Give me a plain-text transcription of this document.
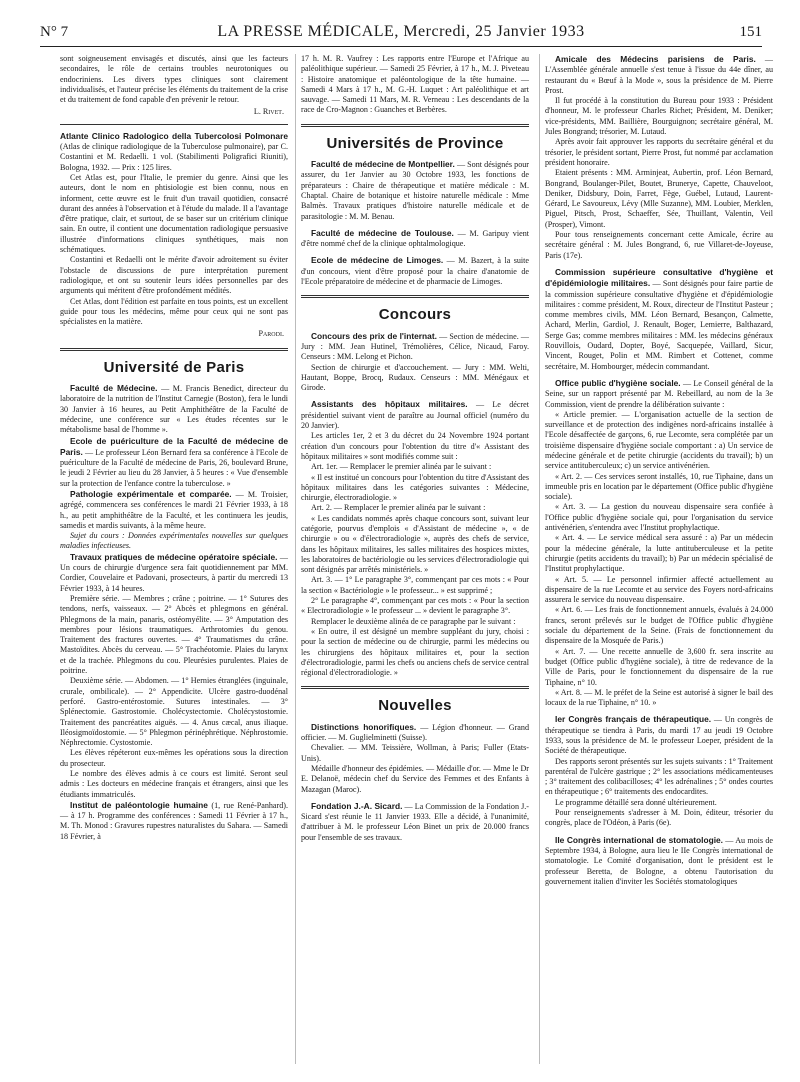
N° 7	LA PRESSE MÉDICALE, Mercredi, 25 Janvier 1933	151

sont soigneusement envisagés et discutés, ainsi que les facteurs secondaires, le rôle de certains troubles neurotoniques ou endocriniens. Les divers types cliniques sont clairement individualisés, et l'auteur précise les éléments du traitement de la crise et du traitement de fond capable d'en prévenir le retour.

L. Rivet.

Atlante Clinico Radologico della Tubercolosi Polmonare (Atlas de clinique radiologique de la Tuberculose pulmonaire), par C. Costantini et M. Redaelli. 1 vol. (Stabilimenti Poligrafici Riuniti), Bologna, 1932. — Prix : 125 lires.

Cet Atlas est, pour l'Italie, le premier du genre. Ainsi que les auteurs, dont le nom en phtisiologie est bien connu, nous en informent, cette œuvre est le fruit d'un travail quotidien, consacré durant des années à l'observation et à l'étude du malade. Il a l'avantage d'être pratique, clair, et surtout, de se baser sur un critérium clinique sain. En outre, il contient une documentation radiologique persuasive illustrée d'informations cliniques synthétiques, mais non schématiques.

Costantini et Redaelli ont le mérite d'avoir adroitement su éviter l'obstacle de discussions de pure interprétation purement radiologique, et ont su soutenir leurs idées personnelles par des arguments qui méritent d'être profondément médités.

Cet Atlas, dont l'édition est parfaite en tous points, est un excellent guide pour tous les médecins, même pour ceux qui ne sont pas spécialistes en la matière.

Parodi.

Université de Paris

Faculté de Médecine. — M. Francis Benedict, directeur du laboratoire de la nutrition de l'Institut Carnegie (Boston), fera le lundi 30 Janvier à 16 heures, au Petit Amphithéâtre de la Faculté de médecine, une conférence sur « Les études récentes sur le métabolisme basal de l'homme ».

Ecole de puériculture de la Faculté de médecine de Paris. — Le professeur Léon Bernard fera sa conférence à l'Ecole de puériculture de la Faculté de médecine de Paris, 26, boulevard Brune, le jeudi 2 Février au lieu du 28 Janvier, à 5 heures : « Vue d'ensemble sur la protection de l'enfance contre la tuberculose. »

Pathologie expérimentale et comparée. — M. Troisier, agrégé, commencera ses conférences le mardi 21 Février 1933, à 18 h., au petit amphithéâtre de la Faculté, et les continuera les jeudis, samedis et mardis suivants, à la même heure.

Sujet du cours : Données expérimentales nouvelles sur quelques maladies infectieuses.

Travaux pratiques de médecine opératoire spéciale. — Un cours de chirurgie d'urgence sera fait quotidiennement par MM. Cordier, Couvelaire et Padovani, prosecteurs, à partir du mercredi 13 Février 1933, à 14 heures.

Première série. — Membres ; crâne ; poitrine. — 1° Sutures des tendons, nerfs, vaisseaux. — 2° Abcès et phlegmons en général. Phlegmons de la main, panaris, ostéomyélite. — 3° Amputation des membres pour lésions traumatiques. Arthrotomies du genou. Traitement des fractures ouvertes. — 4° Traumatismes du crâne. Mastoïdites. Abcès du cerveau. — 5° Trachéotomie. Plaies du larynx et de la trachée. Phlegmons du cou. Pleurésies purulentes. Plaies de poitrine.

Deuxième série. — Abdomen. — 1° Hernies étranglées (inguinale, crurale, ombilicale). — 2° Appendicite. Ulcère gastro-duodénal perforé. Gastro-entérostomie. Sutures intestinales. — 3° Splénectomie. Gastrostomie. Cholécystectomie. Cholécystostomie. Traitement des pancréatites aiguës. — 4. Anus cæcal, anus iliaque. Iléosigmoïdostomie. — 5° Phlegmon périnéphrétique. Néphrostomie. Néphrectomie. Cystostomie.

Les élèves répéteront eux-mêmes les opérations sous la direction du prosecteur.

Le nombre des élèves admis à ce cours est limité. Seront seul admis : Les docteurs en médecine français et étrangers, ainsi que les étudiants immatriculés.

Institut de paléontologie humaine (1, rue René-Panhard). — à 17 h. Programme des conférences : Samedi 11 Février à 17 h., M. Th. Monod : Gravures rupestres naturalistes du Sahara. — Samedi 18 Février, à

17 h. M. R. Vaufrey : Les rapports entre l'Europe et l'Afrique au paléolithique supérieur. — Samedi 25 Février, à 17 h., M. J. Piveteau : Histoire anatomique et paléontologique de la tête humaine. — Samedi 4 Mars à 17 h., M. G.-H. Luquet : Art paléolithique et art sauvage. — Samedi 11 Mars, M. R. Verneau : Les descendants de la race de Cro-Magnon : Guanches et Berbères.

Universités de Province

Faculté de médecine de Montpellier. — Sont désignés pour assurer, du 1er Janvier au 30 Octobre 1933, les fonctions de préparateurs : Chaire de thérapeutique et matière médicale : M. Chaptal. Chaire de botanique et histoire naturelle médicale : Mme Balmès. Travaux pratiques d'histoire naturelle médicale et de parasitologie : M. M. Benau.

Faculté de médecine de Toulouse. — M. Garipuy vient d'être nommé chef de la clinique ophtalmologique.

Ecole de médecine de Limoges. — M. Bazert, à la suite d'un concours, vient d'être proposé pour la chaire d'anatomie de l'Ecole préparatoire de médecine et de pharmacie de Limoges.

Concours

Concours des prix de l'internat. — Section de médecine. — Jury : MM. Jean Hutinel, Trémolières, Célice, Nicaud, Faroy. Censeurs : MM. Lelong et Pichon.

Section de chirurgie et d'accouchement. — Jury : MM. Welti, Hautant, Boppe, Brocq, Rudaux. Censeurs : MM. Ménégaux et Girode.

Assistants des hôpitaux militaires. — Le décret présidentiel suivant vient de paraître au Journal officiel (numéro du 20 Janvier).

Les articles 1er, 2 et 3 du décret du 24 Novembre 1924 portant création d'un concours pour l'obtention du titre d'« Assistant des hôpitaux militaires » sont modifiés comme suit :

Art. 1er. — Remplacer le premier alinéa par le suivant :

« Il est institué un concours pour l'obtention du titre d'Assistant des hôpitaux militaires dans les catégories suivantes : Médecine, chirurgie, électroradiologie. »

Art. 2. — Remplacer le premier alinéa par le suivant :

« Les candidats nommés après chaque concours sont, suivant leur catégorie, pourvus d'emplois « d'Assistant de médecine », « de chirurgie » ou « d'électroradiologie », auprès des chefs de service, dans les hôpitaux militaires, les salles militaires des hospices mixtes, les laboratoires de bactériologie ou les services d'électroradiologie qui sont désignés par arrêtés ministériels. »

Art. 3. — 1° Le paragraphe 3°, commençant par ces mots : « Pour la section « Bactériologie » le professeur... » est supprimé ;

2° Le paragraphe 4°, commençant par ces mots : « Pour la section « Electroradiologie » le professeur ... » devient le paragraphe 3°.

Remplacer le deuxième alinéa de ce paragraphe par le suivant :

« En outre, il est désigné un membre suppléant du jury, choisi : pour la section de médecine ou de chirurgie, parmi les médecins ou les chirurgiens des hôpitaux militaires et, pour la section d'électroradiologie, parmi les chefs ou anciens chefs de service central régional d'électroradiologie. »

Nouvelles

Distinctions honorifiques. — Légion d'honneur. — Grand officier. — M. Guglielminetti (Suisse).

Chevalier. — MM. Teissière, Wollman, à Paris; Fuller (Etats-Unis).

Médaille d'honneur des épidémies. — Médaille d'or. — Mme le Dr E. Delanoë, médecin chef du Service des Femmes et des Enfants à Mazagan (Maroc).

Fondation J.-A. Sicard. — La Commission de la Fondation J.-Sicard s'est réunie le 11 Janvier 1933. Elle a décidé, à l'unanimité, d'attribuer à M. le professeur Léon Binet un prix de 20.000 francs pour l'ensemble de ses travaux.

Amicale des Médecins parisiens de Paris. — L'Assemblée générale annuelle s'est tenue à l'issue du 44e dîner, au restaurant du « Bœuf à la Mode », sous la présidence de M. Pierre Prost.

Il fut procédé à la constitution du Bureau pour 1933 : Président d'honneur, M. le professeur Charles Richet; Président, M. Deniker; vice-présidents, MM. Baillière, Bourguignon; secrétaire général, M. Jules Bongrand; trésorier, M. Lutaud.

Après avoir fait approuver les rapports du secrétaire général et du trésorier, le président sortant, Pierre Prost, fut nommé par acclamation président honoraire.

Etaient présents : MM. Arminjeat, Aubertin, prof. Léon Bernard, Bongrand, Boulanger-Pilet, Boutet, Brunerye, Capette, Chauveloot, Deniker, Didsbury, Doin, Farret, Fège, Guébel, Lutaud, Laurent-Gérard, Le Savoureux, Lévy (Mlle Suzanne), MM. Loubier, Merklen, Piguel, Pitsch, Prost, Schaeffer, Sée, Thuillant, Valentin, Veil (Prosper), Vimont.

Pour tous renseignements concernant cette Amicale, écrire au secrétaire général : M. Jules Bongrand, 6, rue Villaret-de-Joyeuse, Paris (17e).

Commission supérieure consultative d'hygiène et d'épidémiologie militaires. — Sont désignés pour faire partie de la commission supérieure consultative d'hygiène et d'épidémiologie militaires : comme président, M. Roux, directeur de l'Institut Pasteur ; comme membres civils, MM. Léon Bernard, Besançon, Calmette, Achard, Merlin, Gardiol, J. Renault, Boger, Lemierre, Balthazard, Serge Gas; comme membres militaires : MM. les médecins généraux Rouvillois, Oudard, Dopter, Boyé, Sacquepée, Vaillard, Sicur, Vincent, Rouget, Polin et MM. Rimbert et Cottenet, comme secrétaire, M. Hombourger, médecin commandant.

Office public d'hygiène sociale. — Le Conseil général de la Seine, sur un rapport présenté par M. Rebeillard, au nom de la 3e Commission, vient de prendre la délibération suivante :

« Article premier. — L'organisation actuelle de la section de surveillance et de protection des indigènes nord-africains installée à l'Ecole désaffectée de garçons, 6, rue Lecomte, sera complétée par un troisième dispensaire d'hygiène sociale comportant : a) Un service de médecine générale et de petite chirurgie (accidents du travail); b) un service antituberculeux; c) un service antivénérien.

« Art. 2. — Ces services seront installés, 10, rue Tiphaine, dans un immeuble pris en location par le département (Office public d'hygiène sociale).

« Art. 3. — La gestion du nouveau dispensaire sera confiée à l'Office public d'hygiène sociale qui, pour l'organisation du service antivénérien, s'entendra avec l'Institut prophylactique.

« Art. 4. — Le service médical sera assuré : a) Par un médecin pour la médecine générale, la lutte antituberculeuse et la petite chirurgie (petits accidents du travail); b) Par un médecin spécialisé de l'Institut prophylactique.

« Art. 5. — Le personnel infirmier affecté actuellement au dispensaire de la rue Lecomte et au service des Foyers nord-africains assurera le service du nouveau dispensaire.

« Art. 6. — Les frais de fonctionnement annuels, évalués à 24.000 francs, seront prélevés sur le budget de l'Office public d'hygiène sociale du département de la Seine. (Frais de fonctionnement du dispensaire de la Mosquée de Paris.)

« Art. 7. — Une recette annuelle de 3,600 fr. sera inscrite au budget (Office public d'hygiène sociale), à titre de redevance de la Ville de Paris, pour le fonctionnement du dispensaire de la rue Tiphaine, n° 10.

« Art. 8. — M. le préfet de la Seine est autorisé à signer le bail des locaux de la rue Tiphaine, n° 10. »

Ier Congrès français de thérapeutique. — Un congrès de thérapeutique se tiendra à Paris, du mardi 17 au jeudi 19 Octobre 1933, sous la présidence de M. le professeur Loeper, président de la Société de thérapeutique.

Des rapports seront présentés sur les sujets suivants : 1° Traitement parentéral de l'ulcère gastrique ; 2° les associations médicamenteuses ; 3° traitement des colibacilloses; 4° les adrénalines ; 5° ondes courtes en thérapeutique ; 6° traitements des endocardites.

Le programme détaillé sera donné ultérieurement.

Pour renseignements s'adresser à M. Doin, éditeur, trésorier du congrès, place de l'Odéon, à Paris (6e).

IIe Congrès international de stomatologie. — Au mois de Septembre 1934, à Bologne, aura lieu le IIe Congrès international de stomatologie. Le Comité d'organisation, dont le président est le professeur Beretta, de Bologne, a obtenu l'autorisation du gouvernement italien d'inviter les Sociétés stomatologiques
